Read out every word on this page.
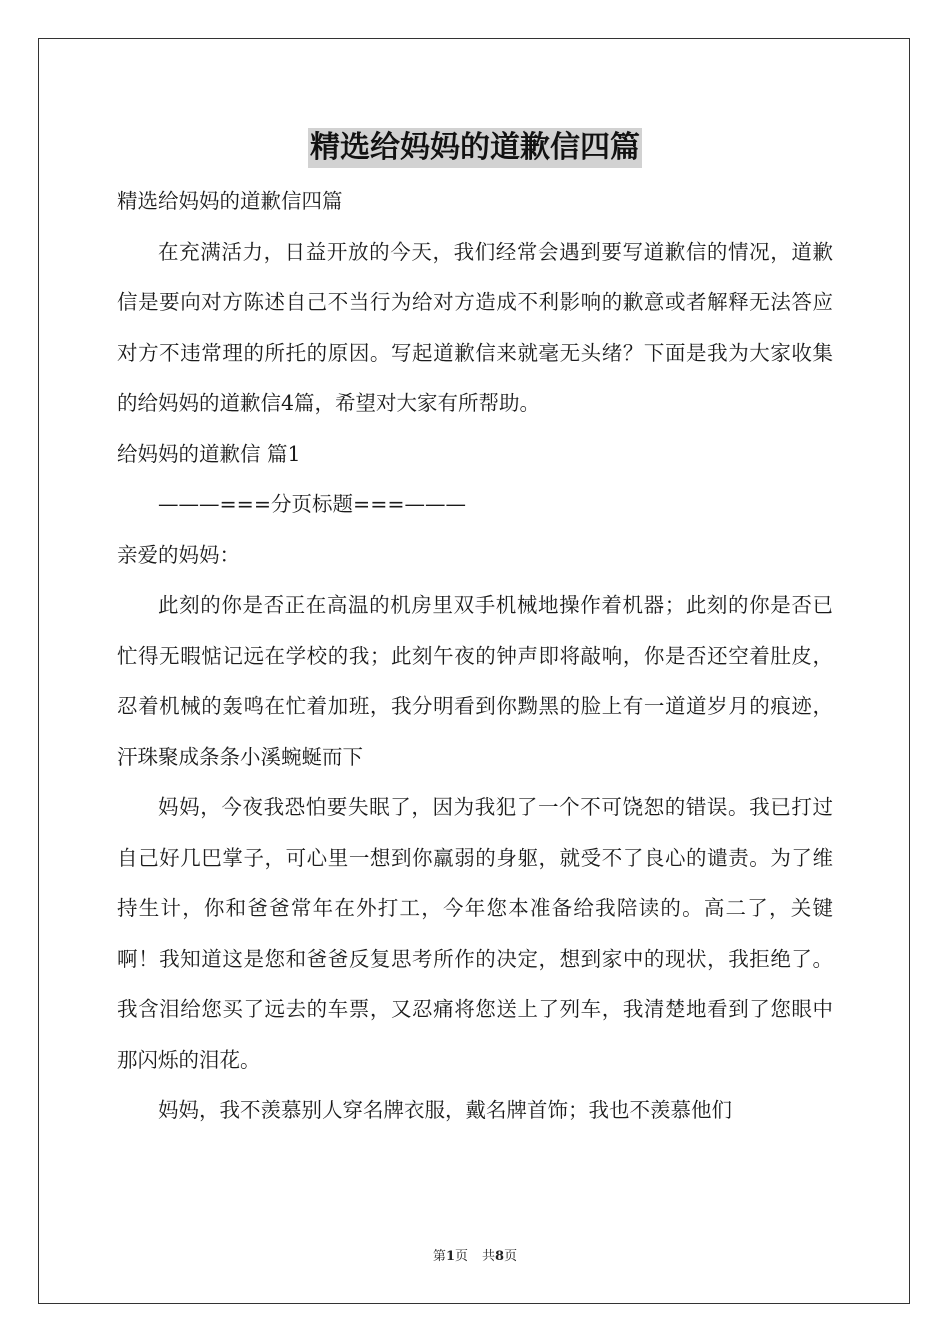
精选给妈妈的道歉信四篇

精选给妈妈的道歉信四篇

在充满活力，日益开放的今天，我们经常会遇到要写道歉信的情况，道歉信是要向对方陈述自己不当行为给对方造成不利影响的歉意或者解释无法答应对方不违常理的所托的原因。写起道歉信来就毫无头绪？下面是我为大家收集的给妈妈的道歉信4篇，希望对大家有所帮助。

给妈妈的道歉信 篇1

———===分页标题===———

亲爱的妈妈：

此刻的你是否正在高温的机房里双手机械地操作着机器；此刻的你是否已忙得无暇惦记远在学校的我；此刻午夜的钟声即将敲响，你是否还空着肚皮，忍着机械的轰鸣在忙着加班，我分明看到你黝黑的脸上有一道道岁月的痕迹，汗珠聚成条条小溪蜿蜒而下

妈妈，今夜我恐怕要失眠了，因为我犯了一个不可饶恕的错误。我已打过自己好几巴掌子，可心里一想到你羸弱的身躯，就受不了良心的谴责。为了维持生计，你和爸爸常年在外打工，今年您本准备给我陪读的。高二了，关键啊！我知道这是您和爸爸反复思考所作的决定，想到家中的现状，我拒绝了。我含泪给您买了远去的车票，又忍痛将您送上了列车，我清楚地看到了您眼中那闪烁的泪花。

妈妈，我不羡慕别人穿名牌衣服，戴名牌首饰；我也不羡慕他们

第1页 共8页
